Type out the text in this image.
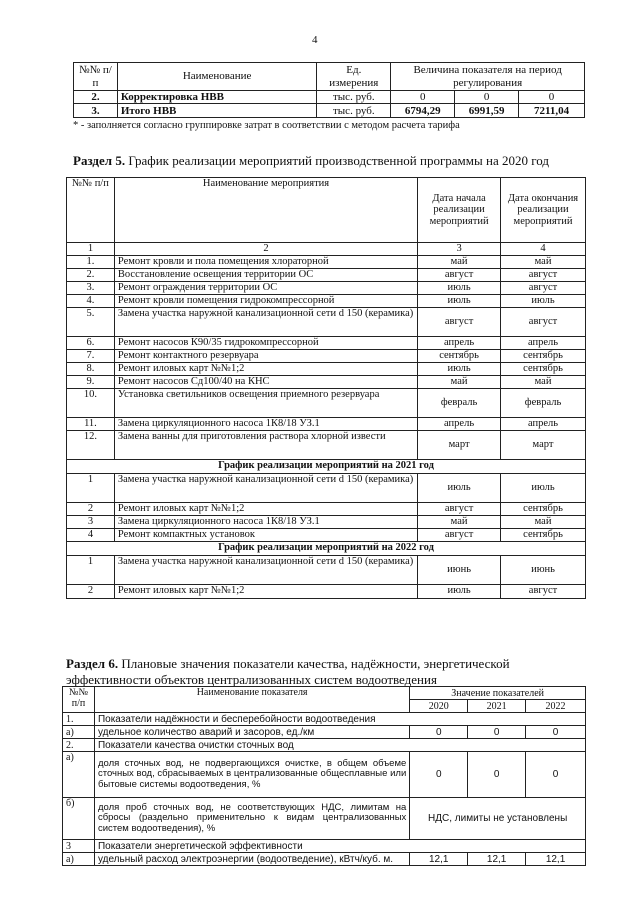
4
№№ п/п	Наименование	Ед. измерения	Величина показателя на период регулирования		
2.	Корректировка НВВ	тыс. руб.	0	0	0
3.	Итого НВВ	тыс. руб.	6794,29	6991,59	7211,04
* - заполняется согласно группировке затрат в соответствии с методом расчета тарифа
Раздел 5. График реализации мероприятий производственной программы на 2020 год
№№ п/п	Наименование мероприятия	Дата начала реализации мероприятий	Дата окончания реализации мероприятий
1	2	3	4
1.	Ремонт кровли и пола помещения хлораторной	май	май
2.	Восстановление освещения территории ОС	август	август
3.	Ремонт ограждения территории ОС	июль	август
4.	Ремонт кровли помещения гидрокомпрессорной	июль	июль
5.	Замена участка наружной канализационной сети d 150 (керамика)	август	август
6.	Ремонт насосов К90/35 гидрокомпрессорной	апрель	апрель
7.	Ремонт контактного резервуара	сентябрь	сентябрь
8.	Ремонт иловых карт №№1;2	июль	сентябрь
9.	Ремонт насосов Сд100/40 на КНС	май	май
10.	Установка светильников освещения приемного резервуара	февраль	февраль
11.	Замена циркуляционного насоса 1К8/18 УЗ.1	апрель	апрель
12.	Замена ванны для приготовления раствора хлорной извести	март	март
График реализации мероприятий на 2021 год			
1	Замена участка наружной канализационной сети d 150 (керамика)	июль	июль
2	Ремонт иловых карт №№1;2	август	сентябрь
3	Замена циркуляционного насоса 1К8/18 УЗ.1	май	май
4	Ремонт компактных установок	август	сентябрь
График реализации мероприятий на 2022 год			
1	Замена участка наружной канализационной сети d 150 (керамика)	июнь	июнь
2	Ремонт иловых карт №№1;2	июль	август
Раздел 6. Плановые значения показатели качества, надёжности, энергетической эффективности объектов централизованных систем водоотведения
№№ п/п	Наименование показателя	Значение показателей		
		2020	2021	2022
1.	Показатели надёжности и бесперебойности водоотведения			
а)	удельное количество аварий и засоров, ед./км	0	0	0
2.	Показатели качества очистки сточных вод			
а)	доля сточных вод, не подвергающихся очистке, в общем объеме сточных вод, сбрасываемых в централизованные общесплавные или бытовые системы водоотведения, %	0	0	0
б)	доля проб сточных вод, не соответствующих НДС, лимитам на сбросы (раздельно применительно к видам централизованных систем водоотведения), %	НДС, лимиты не установлены		
3	Показатели энергетической эффективности			
а)	удельный расход электроэнергии (водоотведение), кВтч/куб. м.	12,1	12,1	12,1
